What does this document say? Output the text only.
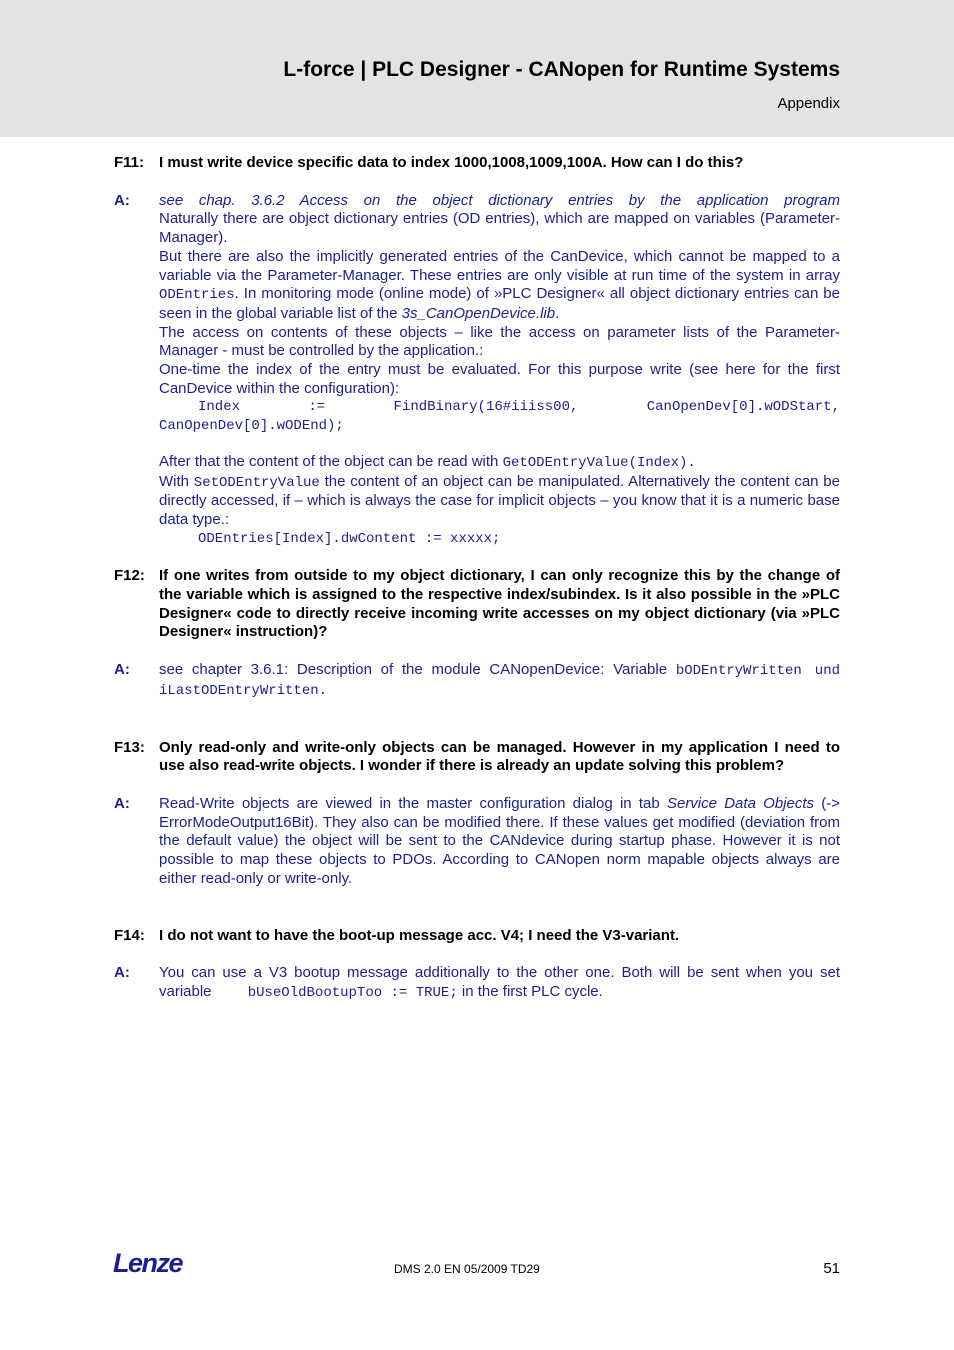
L-force | PLC Designer - CANopen for Runtime Systems
Appendix
F11: I must write device specific data to index 1000,1008,1009,100A. How can I do this?
A:	see chap. 3.6.2 Access on the object dictionary entries by the application program
Naturally there are object dictionary entries (OD entries), which are mapped on variables (Parameter-Manager).
But there are also the implicitly generated entries of the CanDevice, which cannot be mapped to a variable via the Parameter-Manager. These entries are only visible at run time of the system in array ODEntries. In monitoring mode (online mode) of »PLC Designer« all object dictionary entries can be seen in the global variable list of the 3s_CanOpenDevice.lib.
The access on contents of these objects – like the access on parameter lists of the Parameter-Manager - must be controlled by the application.:
One-time the index of the entry must be evaluated. For this purpose write (see here for the first CanDevice within the configuration):
Index	:=	FindBinary(16#iiiss00,	CanOpenDev[0].wODStart,
CanOpenDev[0].wODEnd);
After that the content of the object can be read with GetODEntryValue(Index).
With SetODEntryValue the content of an object can be manipulated. Alternatively the content can be directly accessed, if – which is always the case for implicit objects – you know that it is a numeric base data type.:
ODEntries[Index].dwContent := xxxxx;
F12: If one writes from outside to my object dictionary, I can only recognize this by the change of the variable which is assigned to the respective index/subindex. Is it also possible in the »PLC Designer« code to directly receive incoming write accesses on my object dictionary (via »PLC Designer« instruction)?
A:	see chapter 3.6.1: Description of the module CANopenDevice: Variable bODEntryWritten und iLastODEntryWritten.
F13: Only read-only and write-only objects can be managed. However in my application I need to use also read-write objects. I wonder if there is already an update solving this problem?
A:	Read-Write objects are viewed in the master configuration dialog in tab Service Data Objects (-> ErrorModeOutput16Bit). They also can be modified there. If these values get modified (deviation from the default value) the object will be sent to the CANdevice during startup phase. However it is not possible to map these objects to PDOs. According to CANopen norm mapable objects always are either read-only or write-only.
F14: I do not want to have the boot-up message acc. V4; I need the V3-variant.
A:	You can use a V3 bootup message additionally to the other one. Both will be sent when you set variable	bUseOldBootupToo := TRUE; in the first PLC cycle.
Lenze	DMS 2.0 EN 05/2009 TD29	51
